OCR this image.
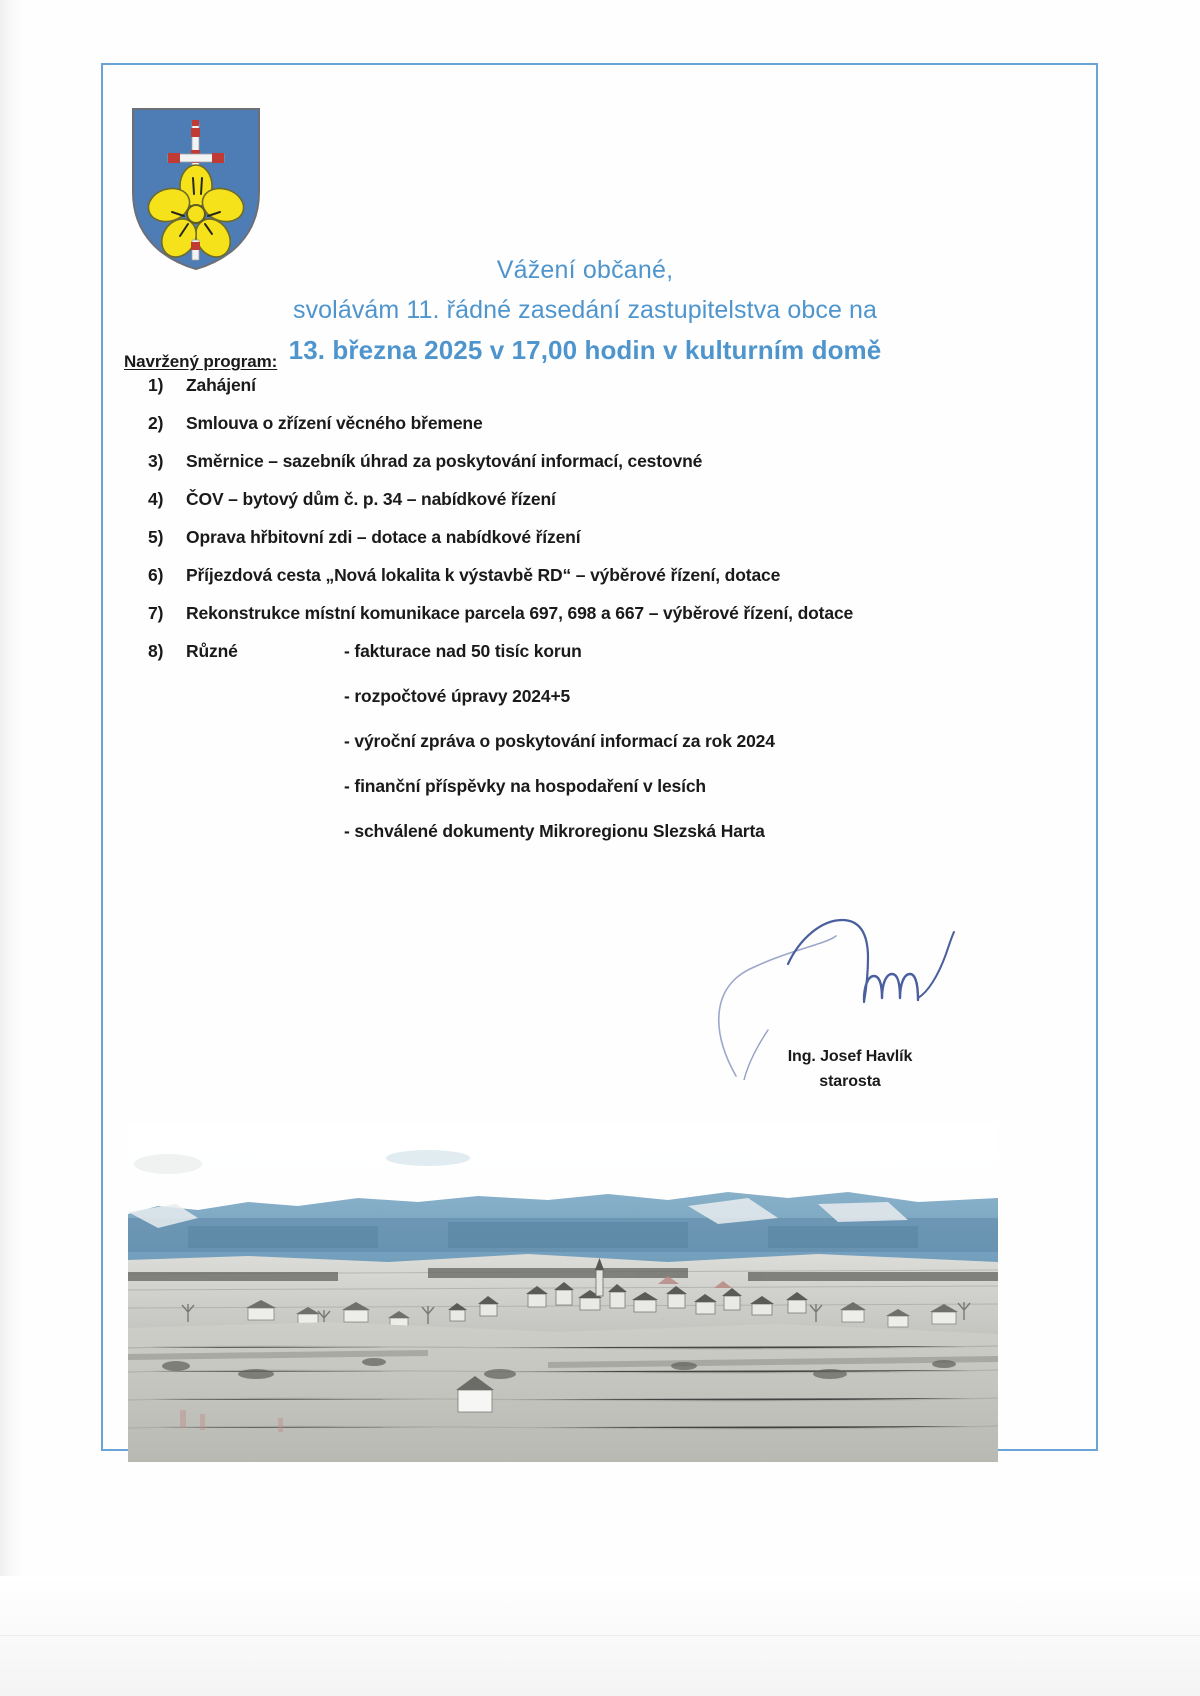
Vážení občané,
svolávám 11. řádné zasedání zastupitelstva obce na
13. března 2025 v 17,00 hodin v kulturním domě
Navržený program:
1)	Zahájení
2)	Smlouva o zřízení věcného břemene
3)	Směrnice – sazebník úhrad za poskytování informací, cestovné
4)	ČOV – bytový dům č. p. 34 – nabídkové řízení
5)	Oprava hřbitovní zdi – dotace a nabídkové řízení
6)	Příjezdová cesta „Nová lokalita k výstavbě RD“ – výběrové řízení, dotace
7)	Rekonstrukce místní komunikace parcela 697, 698 a 667 – výběrové řízení, dotace
8)	Různé	- fakturace nad 50 tisíc korun
- rozpočtové úpravy 2024+5
- výroční zpráva o poskytování informací za rok 2024
- finanční příspěvky na hospodaření v lesích
- schválené dokumenty Mikroregionu Slezská Harta
Ing. Josef Havlík
starosta
